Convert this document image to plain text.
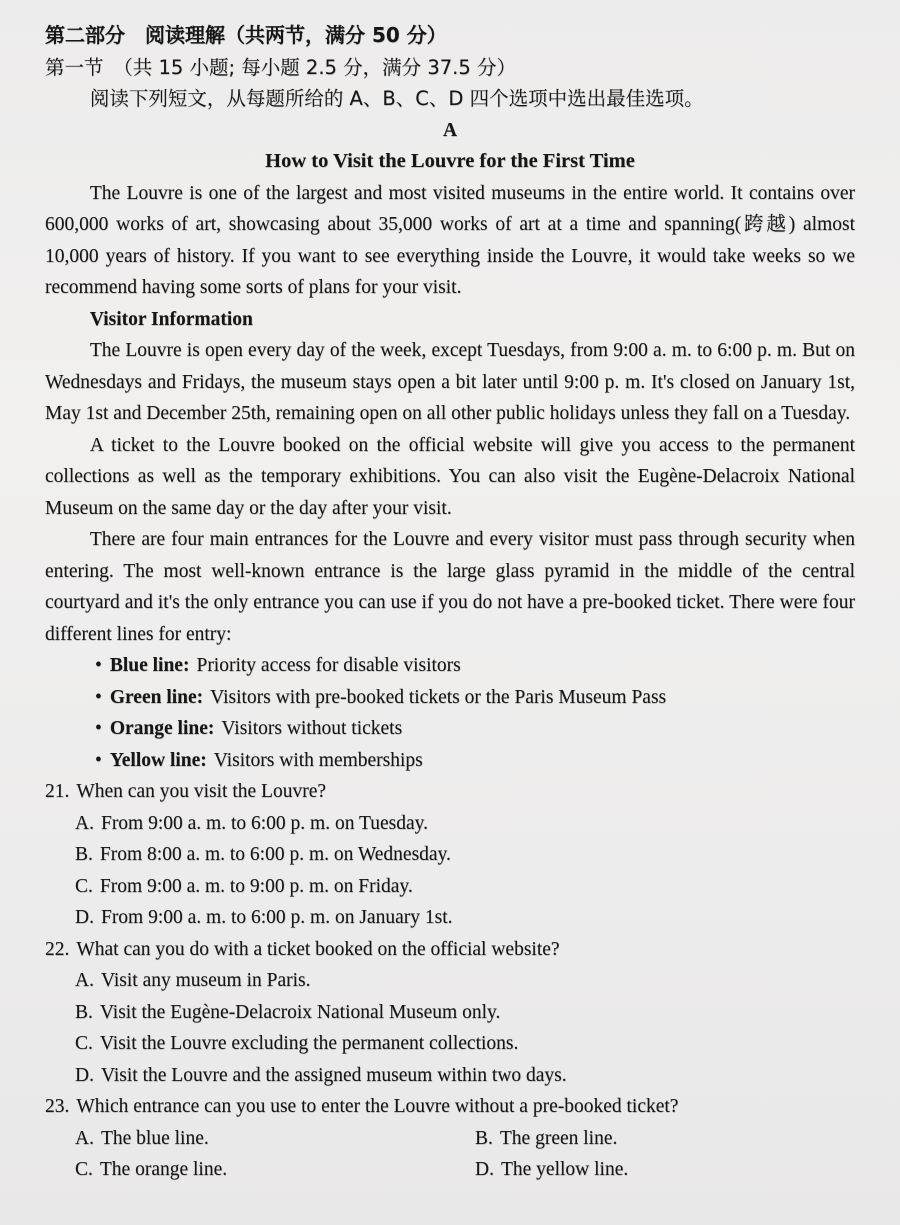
第二部分　阅读理解（共两节，满分 50 分）
第一节　（共 15 小题; 每小题 2.5 分，满分 37.5 分）
阅读下列短文，从每题所给的 A、B、C、D 四个选项中选出最佳选项。
A
How to Visit the Louvre for the First Time

The Louvre is one of the largest and most visited museums in the entire world. It contains over 600,000 works of art, showcasing about 35,000 works of art at a time and spanning(跨越) almost 10,000 years of history. If you want to see everything inside the Louvre, it would take weeks so we recommend having some sorts of plans for your visit.

Visitor Information

The Louvre is open every day of the week, except Tuesdays, from 9:00 a. m. to 6:00 p. m. But on Wednesdays and Fridays, the museum stays open a bit later until 9:00 p. m. It's closed on January 1st, May 1st and December 25th, remaining open on all other public holidays unless they fall on a Tuesday.

A ticket to the Louvre booked on the official website will give you access to the permanent collections as well as the temporary exhibitions. You can also visit the Eugène-Delacroix National Museum on the same day or the day after your visit.

There are four main entrances for the Louvre and every visitor must pass through security when entering. The most well-known entrance is the large glass pyramid in the middle of the central courtyard and it's the only entrance you can use if you do not have a pre-booked ticket. There were four different lines for entry:

• Blue line: Priority access for disable visitors
• Green line: Visitors with pre-booked tickets or the Paris Museum Pass
• Orange line: Visitors without tickets
• Yellow line: Visitors with memberships
21. When can you visit the Louvre?
A. From 9:00 a. m. to 6:00 p. m. on Tuesday.
B. From 8:00 a. m. to 6:00 p. m. on Wednesday.
C. From 9:00 a. m. to 9:00 p. m. on Friday.
D. From 9:00 a. m. to 6:00 p. m. on January 1st.
22. What can you do with a ticket booked on the official website?
A. Visit any museum in Paris.
B. Visit the Eugène-Delacroix National Museum only.
C. Visit the Louvre excluding the permanent collections.
D. Visit the Louvre and the assigned museum within two days.
23. Which entrance can you use to enter the Louvre without a pre-booked ticket?
A. The blue line.	B. The green line.
C. The orange line.	D. The yellow line.
